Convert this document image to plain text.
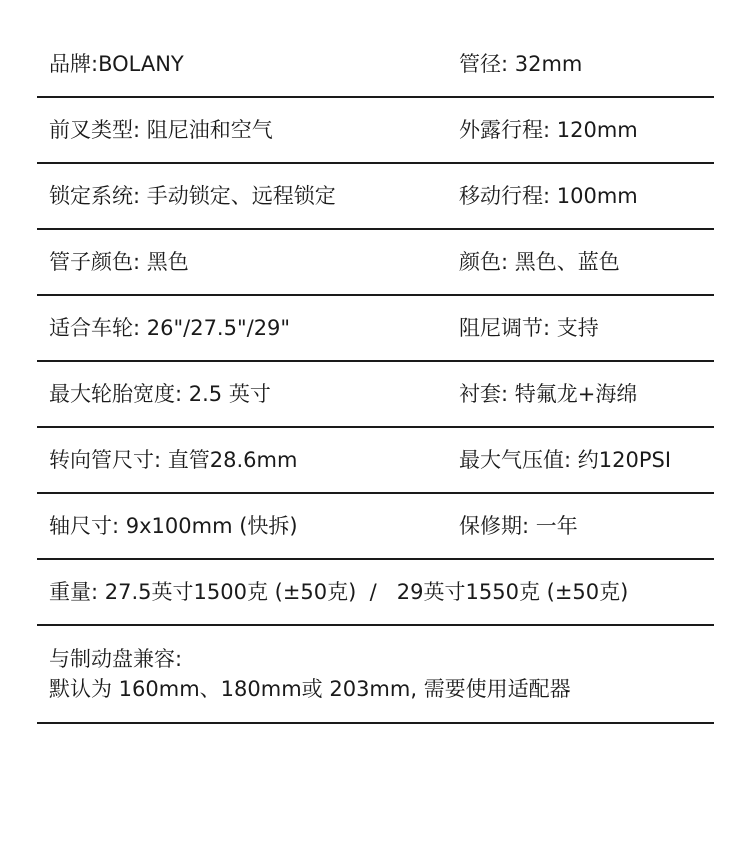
品牌:BOLANY	管径: 32mm
前叉类型: 阻尼油和空气	外露行程: 120mm
锁定系统: 手动锁定、远程锁定	移动行程: 100mm
管子颜色: 黑色	颜色: 黑色、蓝色
适合车轮: 26"/27.5"/29"	阻尼调节: 支持
最大轮胎宽度: 2.5 英寸	衬套: 特氟龙+海绵
转向管尺寸: 直管28.6mm	最大气压值: 约120PSI
轴尺寸: 9x100mm (快拆)	保修期: 一年
重量: 27.5英寸1500克 (±50克)  /   29英寸1550克 (±50克)
与制动盘兼容:
默认为 160mm、180mm或 203mm, 需要使用适配器
